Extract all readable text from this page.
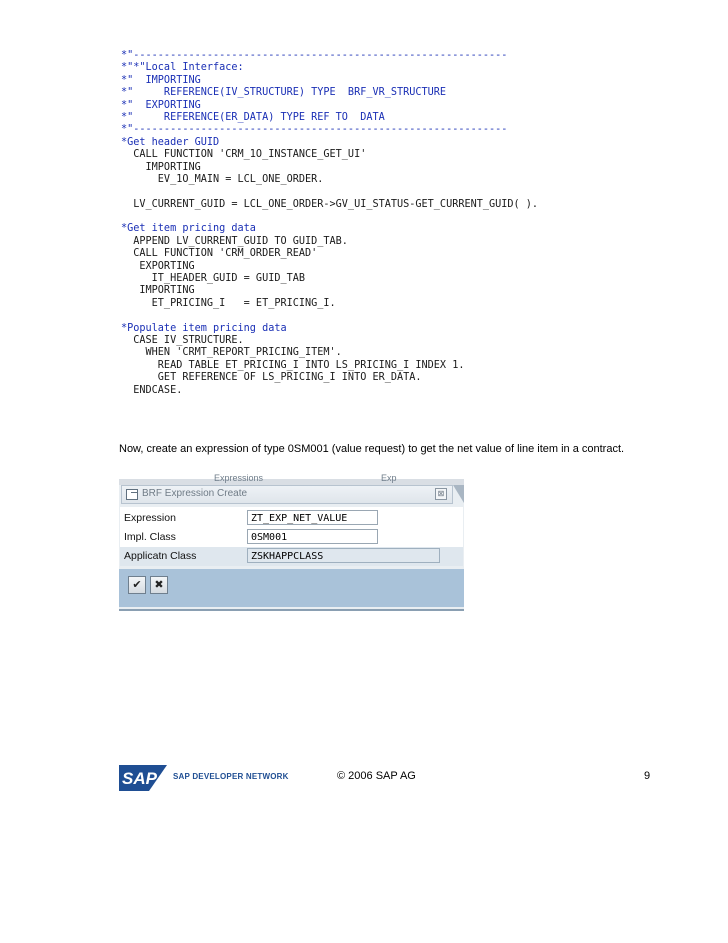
*"-------------------------------------------------------------
*"*"Local Interface:
*"  IMPORTING
*"     REFERENCE(IV_STRUCTURE) TYPE  BRF_VR_STRUCTURE
*"  EXPORTING
*"     REFERENCE(ER_DATA) TYPE REF TO  DATA
*"-------------------------------------------------------------
*Get header GUID
CALL FUNCTION 'CRM_1O_INSTANCE_GET_UI'
IMPORTING
EV_1O_MAIN = LCL_ONE_ORDER.
LV_CURRENT_GUID = LCL_ONE_ORDER->GV_UI_STATUS-GET_CURRENT_GUID( ).
*Get item pricing data
APPEND LV_CURRENT_GUID TO GUID_TAB.
CALL FUNCTION 'CRM_ORDER_READ'
EXPORTING
IT_HEADER_GUID = GUID_TAB
IMPORTING
ET_PRICING_I   = ET_PRICING_I.
*Populate item pricing data
CASE IV_STRUCTURE.
WHEN 'CRMT_REPORT_PRICING_ITEM'.
READ TABLE ET_PRICING_I INTO LS_PRICING_I INDEX 1.
GET REFERENCE OF LS_PRICING_I INTO ER_DATA.
ENDCASE.
Now, create an expression of type 0SM001 (value request) to get the net value of line item in a contract.
Expressions	Exp
BRF Expression Create	⊠
Expression	ZT_EXP_NET_VALUE
Impl. Class	0SM001
Applicatn Class	ZSKHAPPCLASS
✔	✖
SAP SAP DEVELOPER NETWORK	© 2006 SAP AG	9
